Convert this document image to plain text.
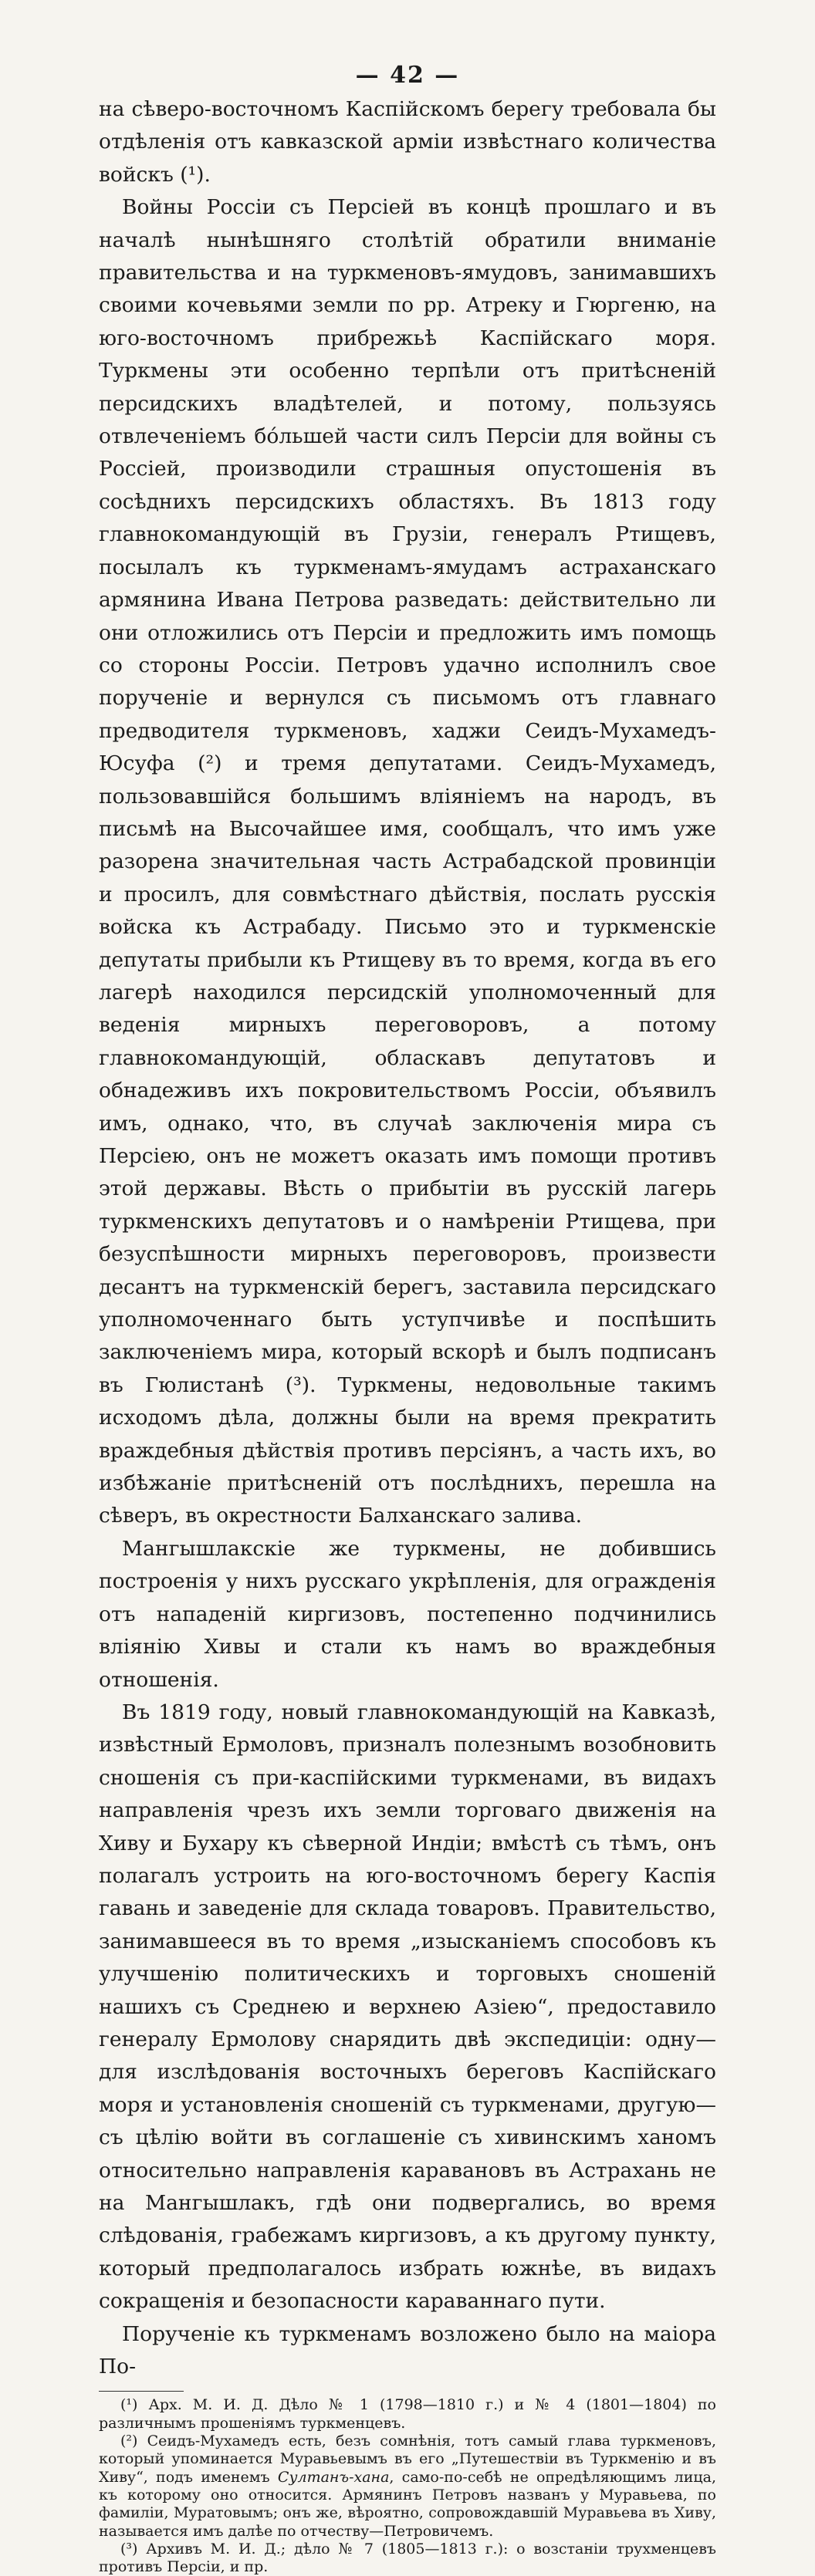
— 42 —

на сѣверо-восточномъ Каспійскомъ берегу требовала бы отдѣленія отъ кавказской арміи извѣстнаго количества войскъ (¹).

Войны Россіи съ Персіей въ концѣ прошлаго и въ началѣ нынѣшняго столѣтій обратили вниманіе правительства и на туркменовъ-ямудовъ, занимавшихъ своими кочевьями земли по рр. Атреку и Гюргеню, на юго-восточномъ прибрежьѣ Каспійскаго моря. Туркмены эти особенно терпѣли отъ притѣсненій персидскихъ владѣтелей, и потому, пользуясь отвлеченіемъ бóльшей части силъ Персіи для войны съ Россіей, производили страшныя опустошенія въ сосѣднихъ персидскихъ областяхъ. Въ 1813 году главнокомандующій въ Грузіи, генералъ Ртищевъ, посылалъ къ туркменамъ-ямудамъ астраханскаго армянина Ивана Петрова разведать: действительно ли они отложились отъ Персіи и предложить имъ помощь со стороны Россіи. Петровъ удачно исполнилъ свое порученіе и вернулся съ письмомъ отъ главнаго предводителя туркменовъ, хаджи Сеидъ-Мухамедъ-Юсуфа (²) и тремя депутатами. Сеидъ-Мухамедъ, пользовавшійся большимъ вліяніемъ на народъ, въ письмѣ на Высочайшее имя, сообщалъ, что имъ уже разорена значительная часть Астрабадской провинціи и просилъ, для совмѣстнаго дѣйствія, послать русскія войска къ Астрабаду. Письмо это и туркменскіе депутаты прибыли къ Ртищеву въ то время, когда въ его лагерѣ находился персидскій уполномоченный для веденія мирныхъ переговоровъ, а потому главнокомандующій, обласкавъ депутатовъ и обнадеживъ ихъ покровительствомъ Россіи, объявилъ имъ, однако, что, въ случаѣ заключенія мира съ Персіею, онъ не можетъ оказать имъ помощи противъ этой державы. Вѣсть о прибытіи въ русскій лагерь туркменскихъ депутатовъ и о намѣреніи Ртищева, при безуспѣшности мирныхъ переговоровъ, произвести десантъ на туркменскій берегъ, заставила персидскаго уполномоченнаго быть уступчивѣе и поспѣшить заключеніемъ мира, который вскорѣ и былъ подписанъ въ Гюлистанѣ (³). Туркмены, недовольные такимъ исходомъ дѣла, должны были на время прекратить враждебныя дѣйствія противъ персіянъ, а часть ихъ, во избѣжаніе притѣсненій отъ послѣднихъ, перешла на сѣверъ, въ окрестности Балханскаго залива.

Мангышлакскіе же туркмены, не добившись построенія у нихъ русскаго укрѣпленія, для огражденія отъ нападеній киргизовъ, постепенно подчинились вліянію Хивы и стали къ намъ во враждебныя отношенія.

Въ 1819 году, новый главнокомандующій на Кавказѣ, извѣстный Ермоловъ, призналъ полезнымъ возобновить сношенія съ при-каспійскими туркменами, въ видахъ направленія чрезъ ихъ земли торговаго движенія на Хиву и Бухару къ сѣверной Индіи; вмѣстѣ съ тѣмъ, онъ полагалъ устроить на юго-восточномъ берегу Каспія гавань и заведеніе для склада товаровъ. Правительство, занимавшееся въ то время „изысканіемъ способовъ къ улучшенію политическихъ и торговыхъ сношеній нашихъ съ Среднею и верхнею Азіею“, предоставило генералу Ермолову снарядить двѣ экспедиціи: одну—для изслѣдованія восточныхъ береговъ Каспійскаго моря и установленія сношеній съ туркменами, другую—съ цѣлію войти въ соглашеніе съ хивинскимъ ханомъ относительно направленія каравановъ въ Астрахань не на Мангышлакъ, гдѣ они подвергались, во время слѣдованія, грабежамъ киргизовъ, а къ другому пункту, который предполагалось избрать южнѣе, въ видахъ сокращенія и безопасности караваннаго пути.

Порученіе къ туркменамъ возложено было на маіора По-

(¹) Арх. М. И. Д. Дѣло № 1 (1798—1810 г.) и № 4 (1801—1804) по различнымъ прошеніямъ туркменцевъ.

(²) Сеидъ-Мухамедъ есть, безъ сомнѣнія, тотъ самый глава туркменовъ, который упоминается Муравьевымъ въ его „Путешествіи въ Туркменію и въ Хиву“, подъ именемъ Султанъ-хана, само-по-себѣ не опредѣляющимъ лица, къ которому оно относится. Армянинъ Петровъ названъ у Муравьева, по фамиліи, Муратовымъ; онъ же, вѣроятно, сопровождавшій Муравьева въ Хиву, называется имъ далѣе по отчеству—Петровичемъ.

(³) Архивъ М. И. Д.; дѣло № 7 (1805—1813 г.): о возстаніи трухменцевъ противъ Персіи, и пр.
